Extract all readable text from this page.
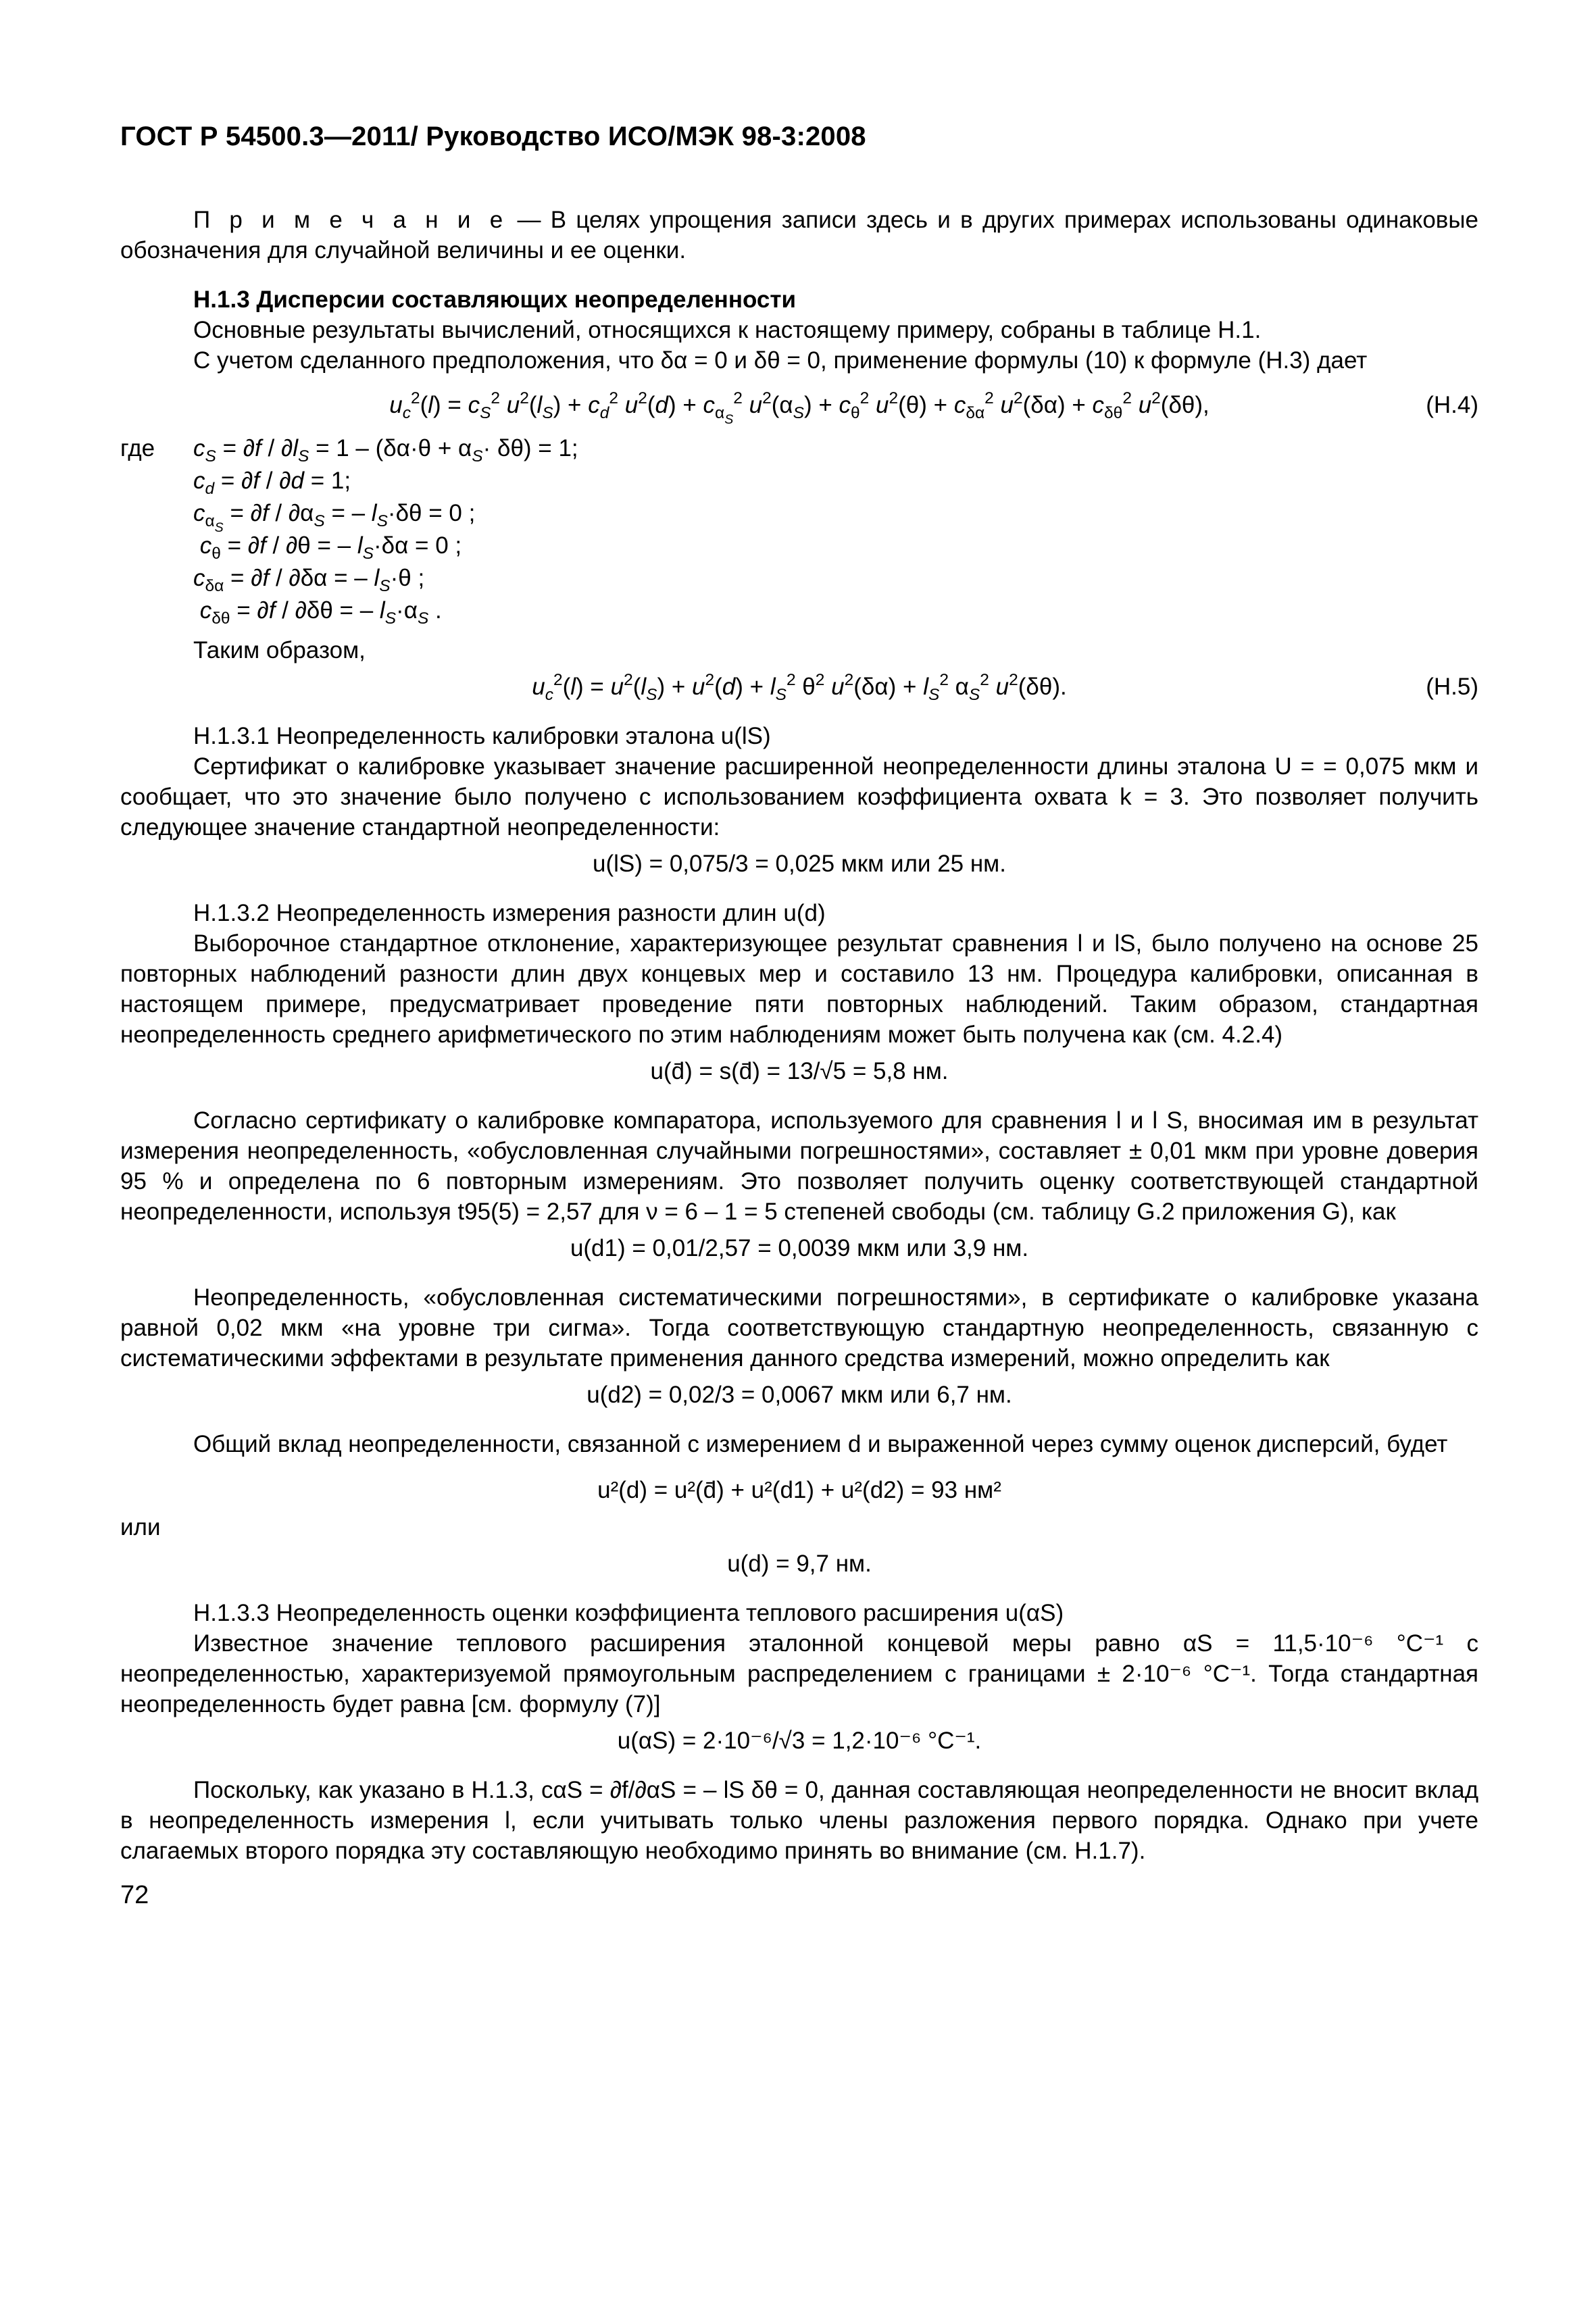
ГОСТ Р 54500.3—2011/ Руководство ИСО/МЭК 98-3:2008

П р и м е ч а н и е — В целях упрощения записи здесь и в других примерах использованы одинаковые обозначения для случайной величины и ее оценки.

Н.1.3 Дисперсии составляющих неопределенности

Основные результаты вычислений, относящихся к настоящему примеру, собраны в таблице Н.1.

С учетом сделанного предположения, что δα = 0 и δθ = 0, применение формулы (10) к формуле (Н.3) дает

$u_c^2(l) = c_S^2$ $u^2(l_S) + c_d^2$ $u^2(d) + c_{\alpha_S}^2$ $u^2(\alpha_S) + c_\theta^2$ $u^2(\theta) + c_{\delta\alpha}^2$ $u^2(\delta\alpha) + c_{\delta\theta}^2$ $u^2(\delta\theta)$,	(Н.4)
где $c_S = \partial f / \partial l_S = 1 - (\delta\alpha\cdot\theta + \alpha_S\cdot \delta\theta) = 1$;
$c_d = \partial f / \partial d = 1$;
$c_{\alpha_S} = \partial f / \partial\alpha_S$ = – $l_S\cdot\delta\theta = 0$ ;
$c_\theta = \partial f / \partial\theta$ = – $l_S\cdot\delta\alpha = 0$ ;
$c_{\delta\alpha} = \partial f / \partial\delta\alpha$ = – $l_S\cdot\theta$ ;
$c_{\delta\theta} = \partial f / \partial\delta\theta$ = – $l_S\cdot\alpha_S$ .

Таким образом,

$u_c^2(l) = u^2(l_S) + u^2(d) + l_S^2$ $\theta^2$ $u^2(\delta\alpha) + l_S^2$ $\alpha_S^2$ $u^2(\delta\theta)$.	(Н.5)

Н.1.3.1 Неопределенность калибровки эталона u(lS)

Сертификат о калибровке указывает значение расширенной неопределенности длины эталона U = = 0,075 мкм и сообщает, что это значение было получено с использованием коэффициента охвата k = 3. Это позволяет получить следующее значение стандартной неопределенности:

u(lS) = 0,075/3 = 0,025 мкм или 25 нм.

Н.1.3.2 Неопределенность измерения разности длин u(d)

Выборочное стандартное отклонение, характеризующее результат сравнения l и lS, было получено на основе 25 повторных наблюдений разности длин двух концевых мер и составило 13 нм. Процедура калибровки, описанная в настоящем примере, предусматривает проведение пяти повторных наблюдений. Таким образом, стандартная неопределенность среднего арифметического по этим наблюдениям может быть получена как (см. 4.2.4)

u(d̄) = s(d̄) = 13/√5 = 5,8 нм.

Согласно сертификату о калибровке компаратора, используемого для сравнения l и l S, вносимая им в результат измерения неопределенность, «обусловленная случайными погрешностями», составляет ± 0,01 мкм при уровне доверия 95 % и определена по 6 повторным измерениям. Это позволяет получить оценку соответствующей стандартной неопределенности, используя t95(5) = 2,57 для ν = 6 – 1 = 5 степеней свободы (см. таблицу G.2 приложения G), как

u(d1) = 0,01/2,57 = 0,0039 мкм или 3,9 нм.

Неопределенность, «обусловленная систематическими погрешностями», в сертификате о калибровке указана равной 0,02 мкм «на уровне три сигма». Тогда соответствующую стандартную неопределенность, связанную с систематическими эффектами в результате применения данного средства измерений, можно определить как

u(d2) = 0,02/3 = 0,0067 мкм или 6,7 нм.

Общий вклад неопределенности, связанной с измерением d и выраженной через сумму оценок дисперсий, будет

u²(d) = u²(d̄) + u²(d1) + u²(d2) = 93 нм²

или

u(d) = 9,7 нм.

Н.1.3.3 Неопределенность оценки коэффициента теплового расширения u(αS)

Известное значение теплового расширения эталонной концевой меры равно αS = 11,5·10⁻⁶ °С⁻¹ с неопределенностью, характеризуемой прямоугольным распределением с границами ± 2·10⁻⁶ °С⁻¹. Тогда стандартная неопределенность будет равна [см. формулу (7)]

u(αS) = 2·10⁻⁶/√3 = 1,2·10⁻⁶ °С⁻¹.

Поскольку, как указано в Н.1.3, cαS = ∂f/∂αS = – lS δθ = 0, данная составляющая неопределенности не вносит вклад в неопределенность измерения l, если учитывать только члены разложения первого порядка. Однако при учете слагаемых второго порядка эту составляющую необходимо принять во внимание (см. Н.1.7).

72
